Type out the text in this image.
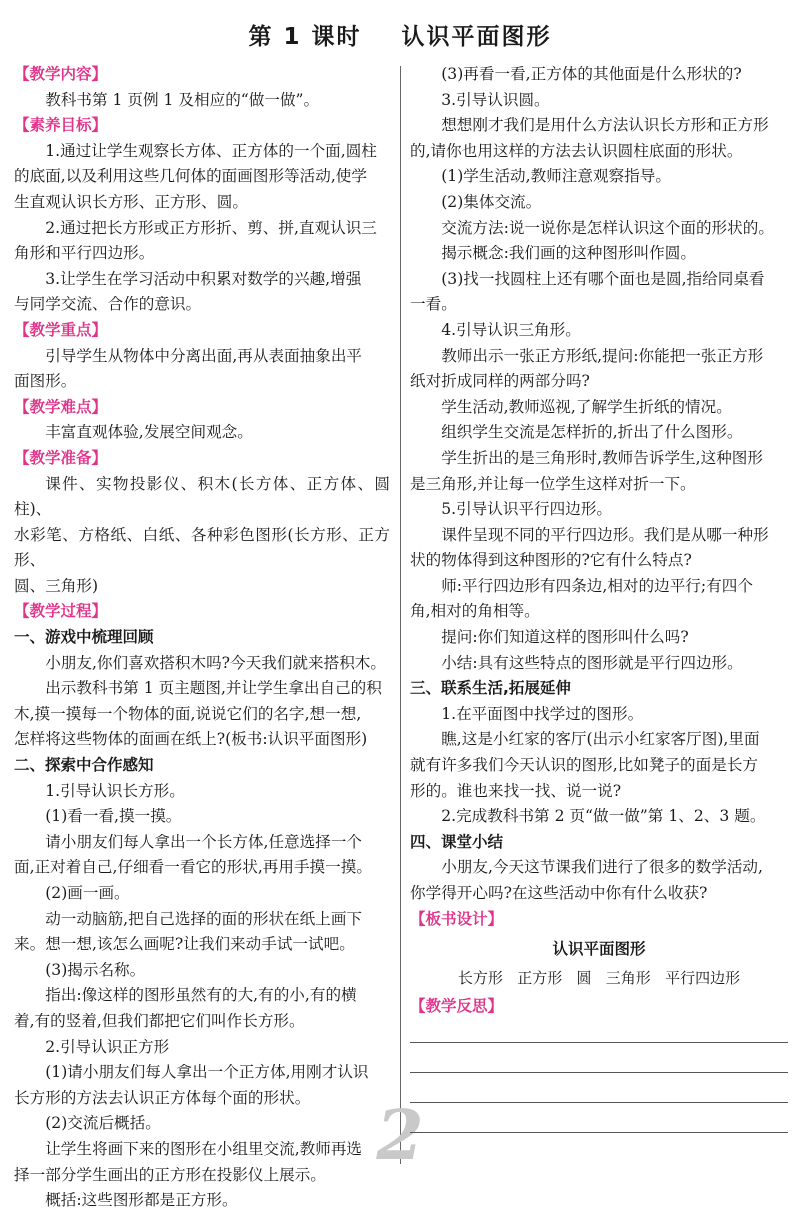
第 1 课时    认识平面图形
【教学内容】
教科书第 1 页例 1 及相应的“做一做”。
【素养目标】
1.通过让学生观察长方体、正方体的一个面,圆柱
的底面,以及利用这些几何体的面画图形等活动,使学
生直观认识长方形、正方形、圆。
2.通过把长方形或正方形折、剪、拼,直观认识三
角形和平行四边形。
3.让学生在学习活动中积累对数学的兴趣,增强
与同学交流、合作的意识。
【教学重点】
引导学生从物体中分离出面,再从表面抽象出平
面图形。
【教学难点】
丰富直观体验,发展空间观念。
【教学准备】
课件、实物投影仪、积木(长方体、正方体、圆柱)、
水彩笔、方格纸、白纸、各种彩色图形(长方形、正方形、
圆、三角形)
【教学过程】
一、游戏中梳理回顾
小朋友,你们喜欢搭积木吗?今天我们就来搭积木。
出示教科书第 1 页主题图,并让学生拿出自己的积
木,摸一摸每一个物体的面,说说它们的名字,想一想,
怎样将这些物体的面画在纸上?(板书:认识平面图形)
二、探索中合作感知
1.引导认识长方形。
(1)看一看,摸一摸。
请小朋友们每人拿出一个长方体,任意选择一个
面,正对着自己,仔细看一看它的形状,再用手摸一摸。
(2)画一画。
动一动脑筋,把自己选择的面的形状在纸上画下
来。想一想,该怎么画呢?让我们来动手试一试吧。
(3)揭示名称。
指出:像这样的图形虽然有的大,有的小,有的横
着,有的竖着,但我们都把它们叫作长方形。
2.引导认识正方形
(1)请小朋友们每人拿出一个正方体,用刚才认识
长方形的方法去认识正方体每个面的形状。
(2)交流后概括。
让学生将画下来的图形在小组里交流,教师再选
择一部分学生画出的正方形在投影仪上展示。
概括:这些图形都是正方形。
(3)再看一看,正方体的其他面是什么形状的?
3.引导认识圆。
想想刚才我们是用什么方法认识长方形和正方形
的,请你也用这样的方法去认识圆柱底面的形状。
(1)学生活动,教师注意观察指导。
(2)集体交流。
交流方法:说一说你是怎样认识这个面的形状的。
揭示概念:我们画的这种图形叫作圆。
(3)找一找圆柱上还有哪个面也是圆,指给同桌看
一看。
4.引导认识三角形。
教师出示一张正方形纸,提问:你能把一张正方形
纸对折成同样的两部分吗?
学生活动,教师巡视,了解学生折纸的情况。
组织学生交流是怎样折的,折出了什么图形。
学生折出的是三角形时,教师告诉学生,这种图形
是三角形,并让每一位学生这样对折一下。
5.引导认识平行四边形。
课件呈现不同的平行四边形。我们是从哪一种形
状的物体得到这种图形的?它有什么特点?
师:平行四边形有四条边,相对的边平行;有四个
角,相对的角相等。
提问:你们知道这样的图形叫什么吗?
小结:具有这些特点的图形就是平行四边形。
三、联系生活,拓展延伸
1.在平面图中找学过的图形。
瞧,这是小红家的客厅(出示小红家客厅图),里面
就有许多我们今天认识的图形,比如凳子的面是长方
形的。谁也来找一找、说一说?
2.完成教科书第 2 页“做一做”第 1、2、3 题。
四、课堂小结
小朋友,今天这节课我们进行了很多的数学活动,
你学得开心吗?在这些活动中你有什么收获?
【板书设计】
认识平面图形
长方形   正方形   圆   三角形   平行四边形
【教学反思】
2
